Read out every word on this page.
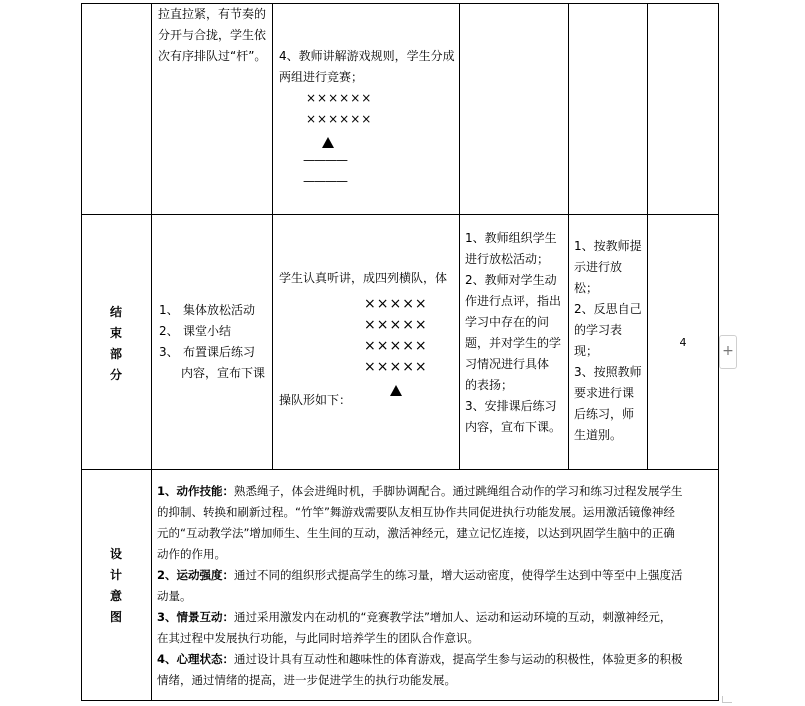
拉直拉紧，有节奏的
分开与合拢，学生依
次有序排队过“杆”。 4、教师讲解游戏规则，学生分成
两组进行竞赛；
××××××
××××××
————
————
结
束
部
分
1、 集体放松活动
2、 课堂小结
3、 布置课后练习
内容，宣布下课
学生认真听讲，成四列横队，体
×××××
×××××
×××××
×××××
操队形如下：
1、教师组织学生
进行放松活动；
2、教师对学生动
作进行点评，指出
学习中存在的问
题，并对学生的学
习情况进行具体
的表扬；
3、安排课后练习
内容，宣布下课。
1、按教师提
示进行放
松；
2、反思自己
的学习表
现；
3、按照教师
要求进行课
后练习，师
生道别。
4
设
计
意
图

1、动作技能：熟悉绳子，体会进绳时机，手脚协调配合。通过跳绳组合动作的学习和练习过程发展学生
的抑制、转换和刷新过程。“竹竿”舞游戏需要队友相互协作共同促进执行功能发展。运用激活镜像神经
元的“互动教学法”增加师生、生生间的互动，激活神经元，建立记忆连接，以达到巩固学生脑中的正确
动作的作用。

2、运动强度：通过不同的组织形式提高学生的练习量，增大运动密度，使得学生达到中等至中上强度活
动量。

3、情景互动：通过采用激发内在动机的“竞赛教学法”增加人、运动和运动环境的互动，刺激神经元，
在其过程中发展执行功能，与此同时培养学生的团队合作意识。

4、心理状态：通过设计具有互动性和趣味性的体育游戏，提高学生参与运动的积极性，体验更多的积极
情绪，通过情绪的提高，进一步促进学生的执行功能发展。

+
